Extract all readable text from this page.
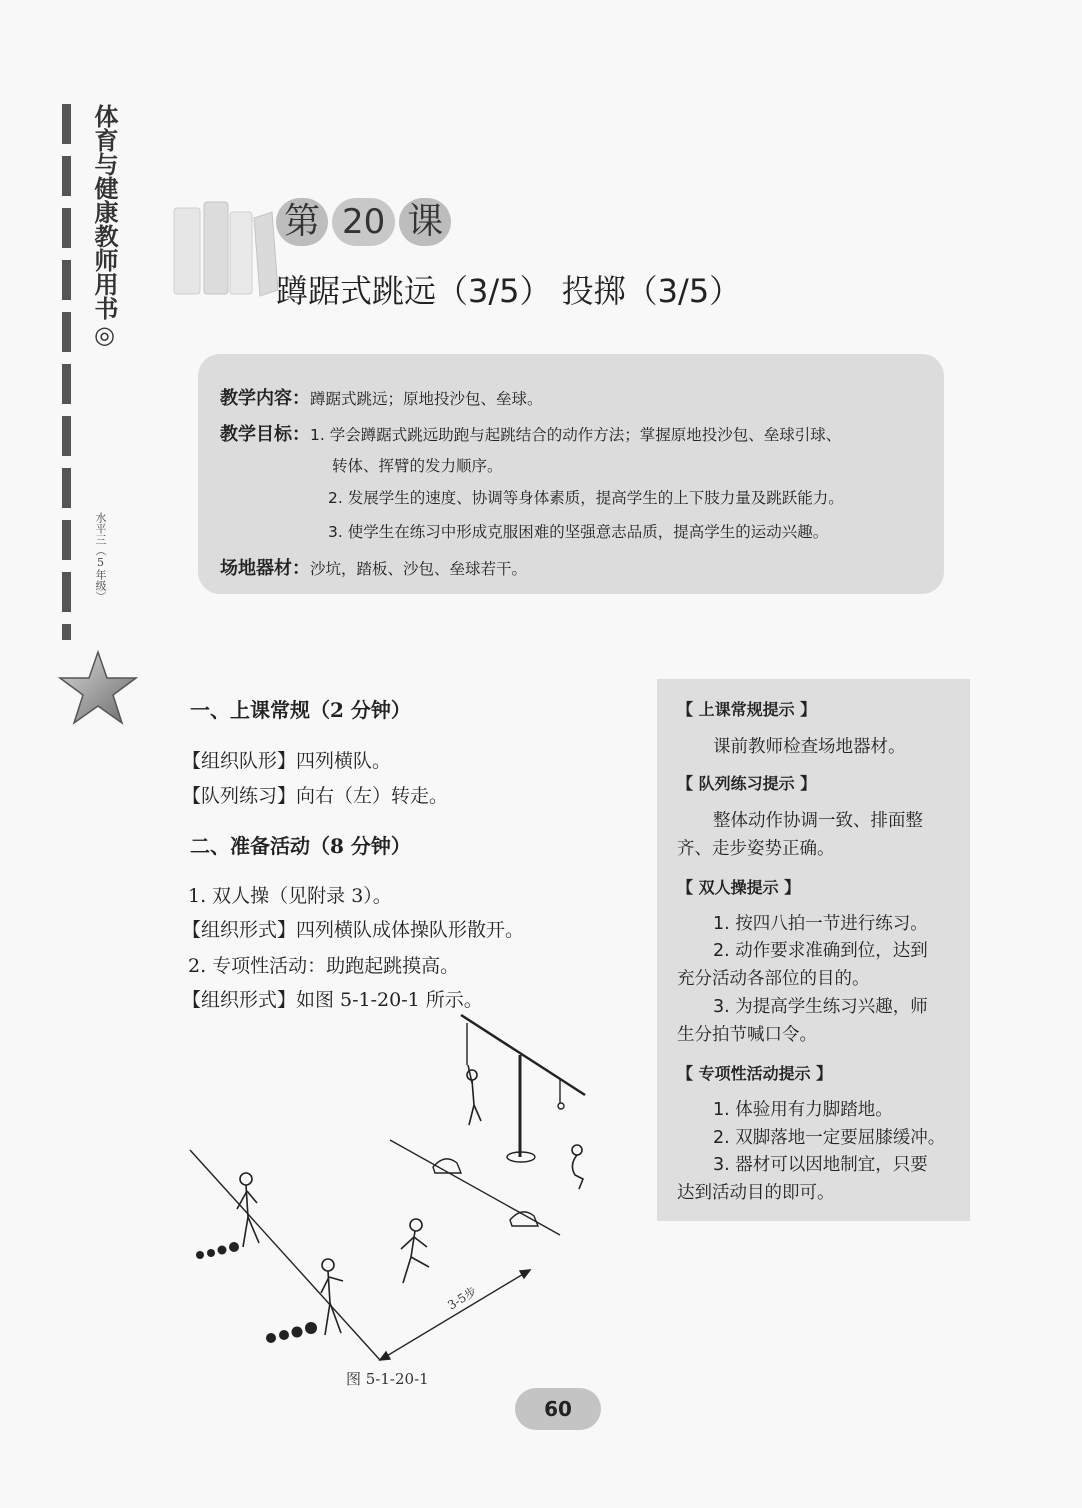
体育与健康教师用书◎
水平三（5年级）
第 20 课
蹲踞式跳远（3/5） 投掷（3/5）
教学内容：蹲踞式跳远；原地投沙包、垒球。
教学目标：1. 学会蹲踞式跳远助跑与起跳结合的动作方法；掌握原地投沙包、垒球引球、
转体、挥臂的发力顺序。
2. 发展学生的速度、协调等身体素质，提高学生的上下肢力量及跳跃能力。
3. 使学生在练习中形成克服困难的坚强意志品质，提高学生的运动兴趣。
场地器材：沙坑，踏板、沙包、垒球若干。
一、上课常规（2 分钟）
【组织队形】四列横队。
【队列练习】向右（左）转走。
二、准备活动（8 分钟）
1. 双人操（见附录 3）。
【组织形式】四列横队成体操队形散开。
2. 专项性活动：助跑起跳摸高。
【组织形式】如图 5-1-20-1 所示。
【 上课常规提示 】
课前教师检查场地器材。
【 队列练习提示 】
整体动作协调一致、排面整
齐、走步姿势正确。
【 双人操提示 】
1. 按四八拍一节进行练习。
2. 动作要求准确到位，达到
充分活动各部位的目的。
3. 为提高学生练习兴趣，师
生分拍节喊口令。
【 专项性活动提示 】
1. 体验用有力脚踏地。
2. 双脚落地一定要屈膝缓冲。
3. 器材可以因地制宜，只要
达到活动目的即可。
3-5步
图 5-1-20-1
60
